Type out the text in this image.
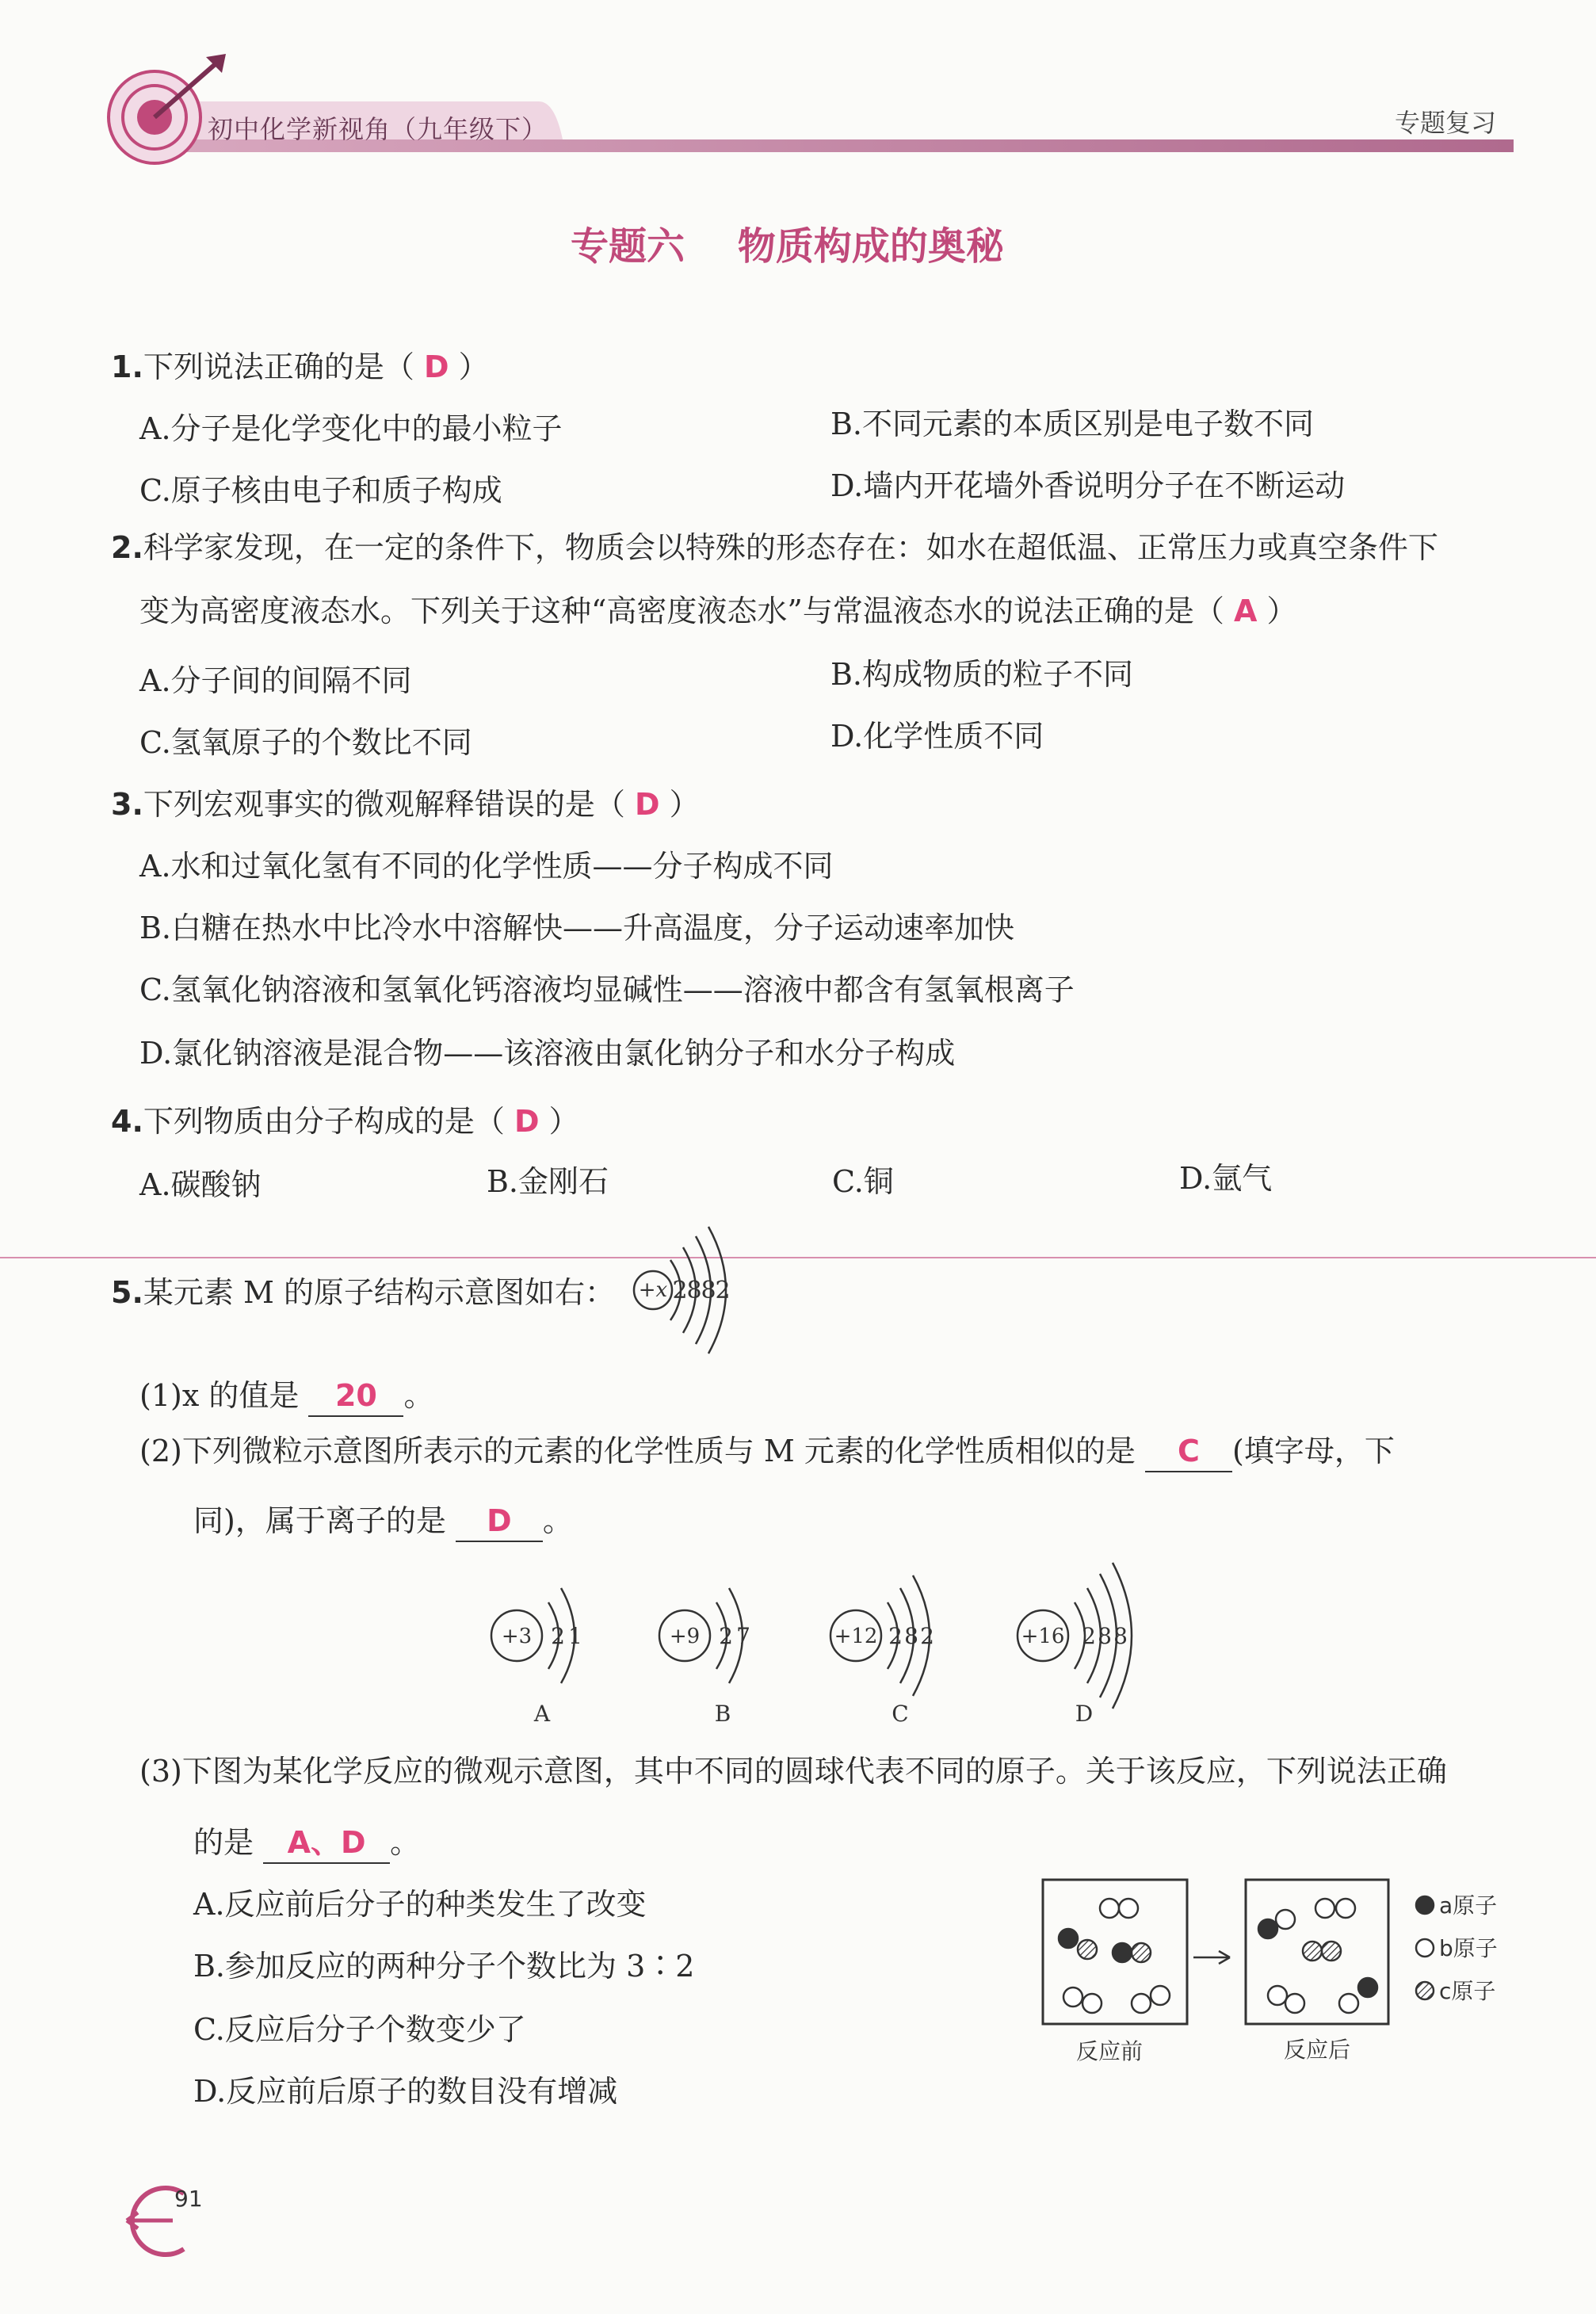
初中化学新视角（九年级下）	专题复习
专题六    物质构成的奥秘
1.下列说法正确的是（ D ）
A.分子是化学变化中的最小粒子	B.不同元素的本质区别是电子数不同
C.原子核由电子和质子构成	D.墙内开花墙外香说明分子在不断运动
2.科学家发现，在一定的条件下，物质会以特殊的形态存在：如水在超低温、正常压力或真空条件下
变为高密度液态水。下列关于这种“高密度液态水”与常温液态水的说法正确的是（ A ）
A.分子间的间隔不同	B.构成物质的粒子不同
C.氢氧原子的个数比不同	D.化学性质不同
3.下列宏观事实的微观解释错误的是（ D ）
A.水和过氧化氢有不同的化学性质——分子构成不同
B.白糖在热水中比冷水中溶解快——升高温度，分子运动速率加快
C.氢氧化钠溶液和氢氧化钙溶液均显碱性——溶液中都含有氢氧根离子
D.氯化钠溶液是混合物——该溶液由氯化钠分子和水分子构成
4.下列物质由分子构成的是（ D ）
A.碳酸钠	B.金刚石	C.铜	D.氩气
5.某元素 M 的原子结构示意图如右： +x 2
8
8
2
(1)x 的值是 20 。
(2)下列微粒示意图所表示的元素的化学性质与 M 元素的化学性质相似的是 C (填字母，下
同)，属于离子的是 D 。
+3 2 1
A
+9 2 7
B
+12 2 8 2
C
+16 2 8 8
D
(3)下图为某化学反应的微观示意图，其中不同的圆球代表不同的原子。关于该反应，下列说法正确
的是 A、D 。
A.反应前后分子的种类发生了改变
B.参加反应的两种分子个数比为 3∶2
C.反应后分子个数变少了
D.反应前后原子的数目没有增减
反应前	反应后
a原子
b原子
c原子
91
